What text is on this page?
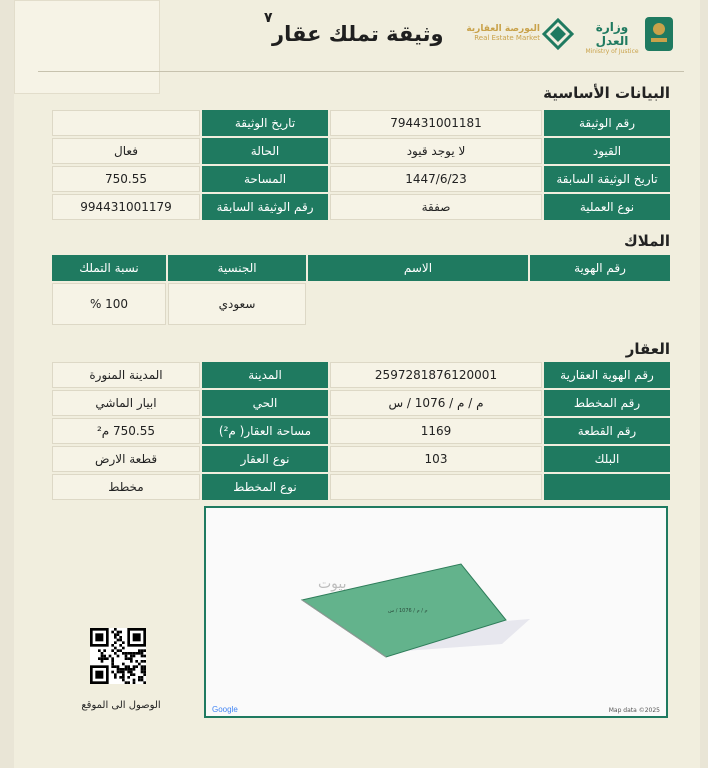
وثيقة تملك عقار
٧
البورصة العقارية
Real Estate Market
وزارة العدل
Ministry of Justice
البيانات الأساسية
رقم الوثيقة
794431001181
تاريخ الوثيقة
القيود
لا يوجد قيود
الحالة
فعال
تاريخ الوثيقة السابقة
1447/6/23
المساحة
750.55
نوع العملية
صفقة
رقم الوثيقة السابقة
994431001179
الملاك
رقم الهوية
الاسم
الجنسية
نسبة التملك
سعودي
100 %
العقار
رقم الهوية العقارية
2597281876120001
المدينة
المدينة المنورة
رقم المخطط
م / م / 1076 / س
الحي
ابيار الماشي
رقم القطعة
1169
مساحة العقار( م²)
750.55 م²
البلك
103
نوع العقار
قطعة الارض
نوع المخطط
مخطط
م / م / 1076 / س
بيوت
Google	Map data ©2025
الوصول الى الموقع
